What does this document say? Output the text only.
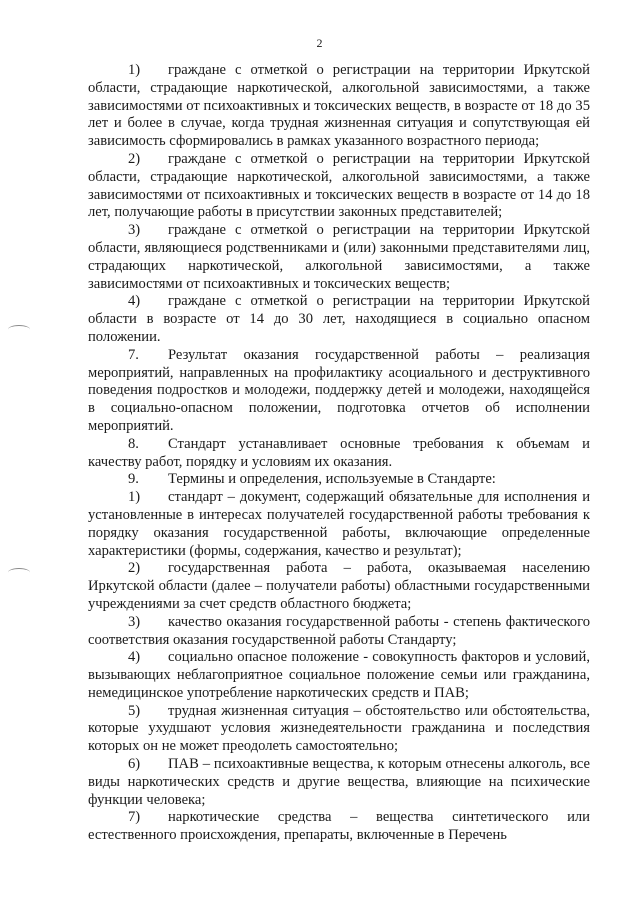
2

1) граждане с отметкой о регистрации на территории Иркутской области, страдающие наркотической, алкогольной зависимостями, а также зависимостями от психоактивных и токсических веществ, в возрасте от 18 до 35 лет и более в случае, когда трудная жизненная ситуация и сопутствующая ей зависимость сформировались в рамках указанного возрастного периода;

2) граждане с отметкой о регистрации на территории Иркутской области, страдающие наркотической, алкогольной зависимостями, а также зависимостями от психоактивных и токсических веществ в возрасте от 14 до 18 лет, получающие работы в присутствии законных представителей;

3) граждане с отметкой о регистрации на территории Иркутской области, являющиеся родственниками и (или) законными представителями лиц, страдающих наркотической, алкогольной зависимостями, а также зависимостями от психоактивных и токсических веществ;

4) граждане с отметкой о регистрации на территории Иркутской области в возрасте от 14 до 30 лет, находящиеся в социально опасном положении.

7. Результат оказания государственной работы – реализация мероприятий, направленных на профилактику асоциального и деструктивного поведения подростков и молодежи, поддержку детей и молодежи, находящейся в социально-опасном положении, подготовка отчетов об исполнении мероприятий.

8. Стандарт устанавливает основные требования к объемам и качеству работ, порядку и условиям их оказания.

9. Термины и определения, используемые в Стандарте:

1) стандарт – документ, содержащий обязательные для исполнения и установленные в интересах получателей государственной работы требования к порядку оказания государственной работы, включающие определенные характеристики (формы, содержания, качество и результат);

2) государственная работа – работа, оказываемая населению Иркутской области (далее – получатели работы) областными государственными учреждениями за счет средств областного бюджета;

3) качество оказания государственной работы - степень фактического соответствия оказания государственной работы Стандарту;

4) социально опасное положение - совокупность факторов и условий, вызывающих неблагоприятное социальное положение семьи или гражданина, немедицинское употребление наркотических средств и ПАВ;

5) трудная жизненная ситуация – обстоятельство или обстоятельства, которые ухудшают условия жизнедеятельности гражданина и последствия которых он не может преодолеть самостоятельно;

6) ПАВ – психоактивные вещества, к которым отнесены алкоголь, все виды наркотических средств и другие вещества, влияющие на психические функции человека;

7) наркотические средства – вещества синтетического или естественного происхождения, препараты, включенные в Перечень
